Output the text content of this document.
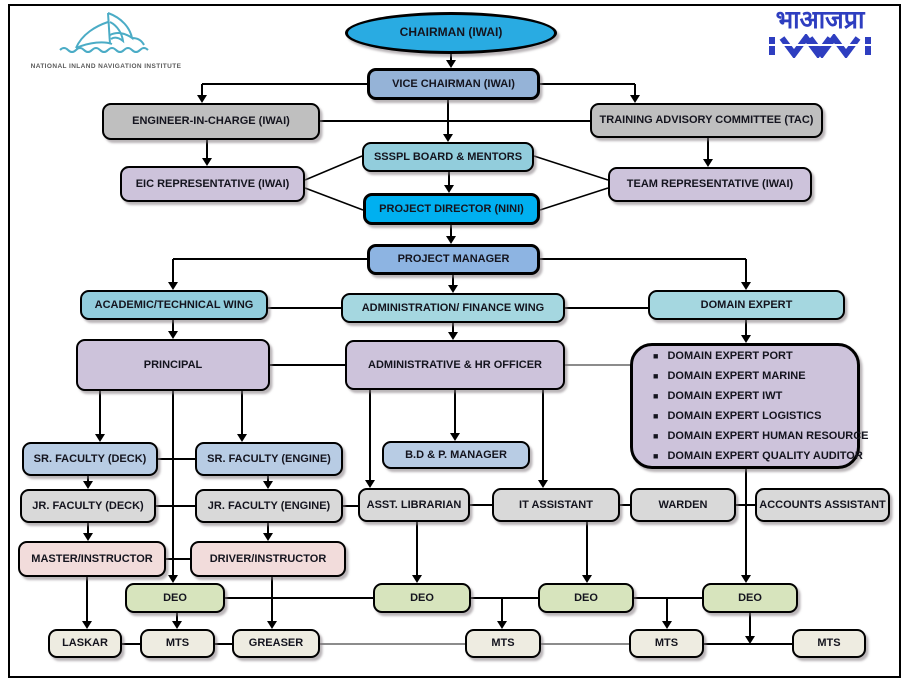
NATIONAL INLAND NAVIGATION INSTITUTE
भाआजप्रा
CHAIRMAN (IWAI)
VICE CHAIRMAN (IWAI)
ENGINEER-IN-CHARGE (IWAI)	TRAINING ADVISORY COMMITTEE (TAC)
SSSPL BOARD & MENTORS
EIC REPRESENTATIVE (IWAI)	TEAM REPRESENTATIVE (IWAI)
PROJECT DIRECTOR (NINI)
PROJECT MANAGER
ACADEMIC/TECHNICAL WING	ADMINISTRATION/ FINANCE WING	DOMAIN EXPERT
PRINCIPAL	ADMINISTRATIVE & HR OFFICER
■ DOMAIN EXPERT PORT
■ DOMAIN EXPERT MARINE
■ DOMAIN EXPERT IWT
■ DOMAIN EXPERT LOGISTICS
■ DOMAIN EXPERT HUMAN RESOURCE
■ DOMAIN EXPERT QUALITY AUDITOR
SR. FACULTY (DECK)	SR. FACULTY (ENGINE)	B.D & P. MANAGER
JR. FACULTY (DECK)	JR. FACULTY (ENGINE)	ASST. LIBRARIAN	IT ASSISTANT	WARDEN	ACCOUNTS ASSISTANT
MASTER/INSTRUCTOR	DRIVER/INSTRUCTOR
DEO	DEO	DEO	DEO
LASKAR	MTS	GREASER	MTS	MTS	MTS
